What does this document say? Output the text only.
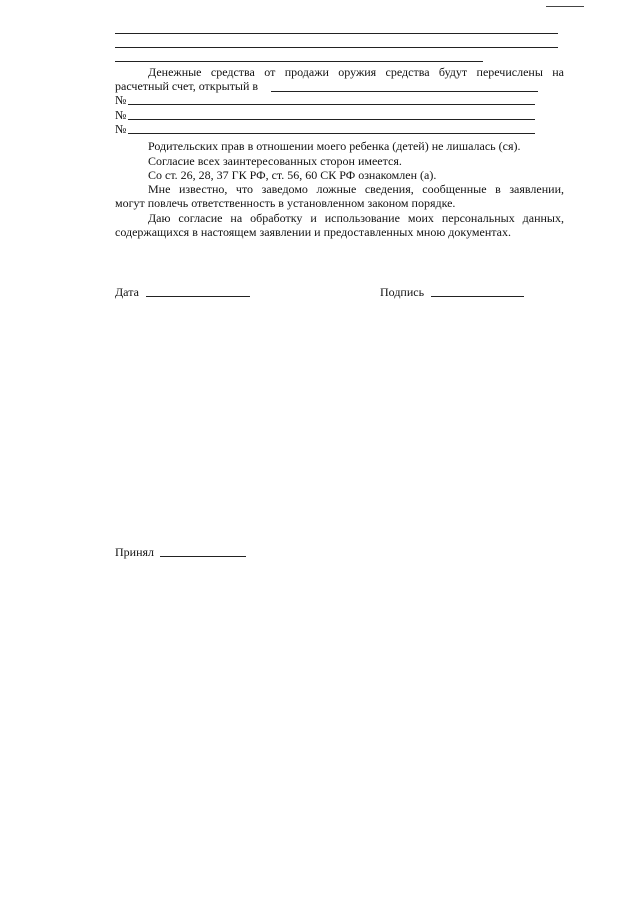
Денежные средства от продажи оружия средства будут перечислены на
расчетный счет, открытый в
№
№
№
Родительских прав в отношении моего ребенка (детей) не лишалась (ся).
Согласие всех заинтересованных сторон имеется.
Со ст. 26, 28, 37 ГК РФ, ст. 56, 60 СК РФ ознакомлен (а).
Мне известно, что заведомо ложные сведения, сообщенные в заявлении,
могут повлечь ответственность в установленном законом порядке.
Даю согласие на обработку и использование моих персональных данных,
содержащихся в настоящем заявлении и предоставленных мною документах.
Дата	Подпись
Принял
